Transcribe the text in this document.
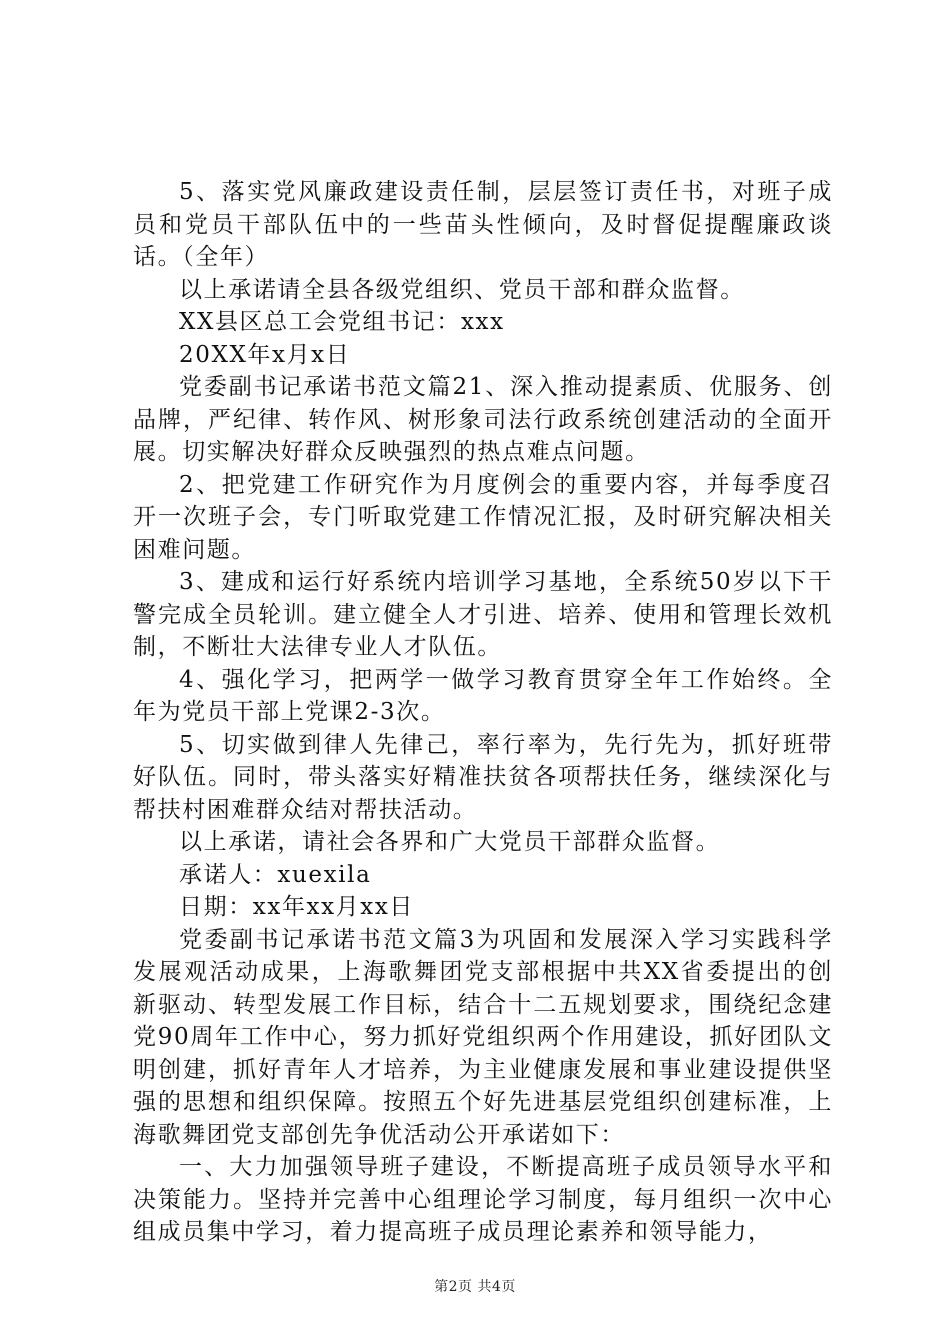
5、落实党风廉政建设责任制，层层签订责任书，对班子成员和党员干部队伍中的一些苗头性倾向，及时督促提醒廉政谈话。（全年）

以上承诺请全县各级党组织、党员干部和群众监督。

XX县区总工会党组书记：xxx

20XX年x月x日

党委副书记承诺书范文篇21、深入推动提素质、优服务、创品牌，严纪律、转作风、树形象司法行政系统创建活动的全面开展。切实解决好群众反映强烈的热点难点问题。

2、把党建工作研究作为月度例会的重要内容，并每季度召开一次班子会，专门听取党建工作情况汇报，及时研究解决相关困难问题。

3、建成和运行好系统内培训学习基地，全系统50岁以下干警完成全员轮训。建立健全人才引进、培养、使用和管理长效机制，不断壮大法律专业人才队伍。

4、强化学习，把两学一做学习教育贯穿全年工作始终。全年为党员干部上党课2-3次。

5、切实做到律人先律己，率行率为，先行先为，抓好班带好队伍。同时，带头落实好精准扶贫各项帮扶任务，继续深化与帮扶村困难群众结对帮扶活动。

以上承诺，请社会各界和广大党员干部群众监督。

承诺人：xuexila

日期：xx年xx月xx日

党委副书记承诺书范文篇3为巩固和发展深入学习实践科学发展观活动成果，上海歌舞团党支部根据中共XX省委提出的创新驱动、转型发展工作目标，结合十二五规划要求，围绕纪念建党90周年工作中心，努力抓好党组织两个作用建设，抓好团队文明创建，抓好青年人才培养，为主业健康发展和事业建设提供坚强的思想和组织保障。按照五个好先进基层党组织创建标准，上海歌舞团党支部创先争优活动公开承诺如下：

一、大力加强领导班子建设，不断提高班子成员领导水平和决策能力。坚持并完善中心组理论学习制度，每月组织一次中心组成员集中学习，着力提高班子成员理论素养和领导能力，

第2页 共4页
